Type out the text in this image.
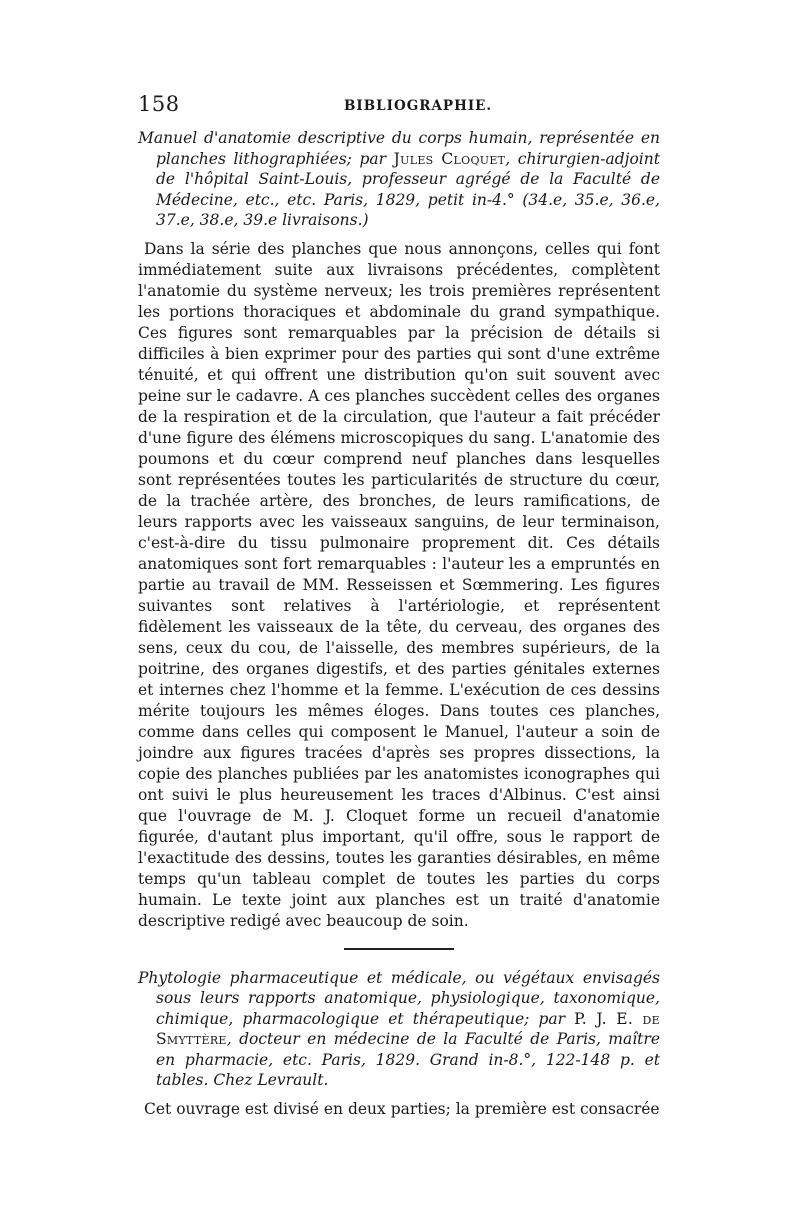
158	BIBLIOGRAPHIE.

Manuel d'anatomie descriptive du corps humain, représentée en planches lithographiées; par Jules Cloquet, chirurgien-adjoint de l'hôpital Saint-Louis, professeur agrégé de la Faculté de Médecine, etc., etc. Paris, 1829, petit in-4.° (34.e, 35.e, 36.e, 37.e, 38.e, 39.e livraisons.)

Dans la série des planches que nous annonçons, celles qui font immédiatement suite aux livraisons précédentes, complètent l'anatomie du système nerveux; les trois premières représentent les portions thoraciques et abdominale du grand sympathique. Ces figures sont remarquables par la précision de détails si difficiles à bien exprimer pour des parties qui sont d'une extrême ténuité, et qui offrent une distribution qu'on suit souvent avec peine sur le cadavre. A ces planches succèdent celles des organes de la respiration et de la circulation, que l'auteur a fait précéder d'une figure des élémens microscopiques du sang. L'anatomie des poumons et du cœur comprend neuf planches dans lesquelles sont représentées toutes les particularités de structure du cœur, de la trachée artère, des bronches, de leurs ramifications, de leurs rapports avec les vaisseaux sanguins, de leur terminaison, c'est-à-dire du tissu pulmonaire proprement dit. Ces détails anatomiques sont fort remarquables : l'auteur les a empruntés en partie au travail de MM. Resseissen et Sœmmering. Les figures suivantes sont relatives à l'artériologie, et représentent fidèlement les vaisseaux de la tête, du cerveau, des organes des sens, ceux du cou, de l'aisselle, des membres supérieurs, de la poitrine, des organes digestifs, et des parties génitales externes et internes chez l'homme et la femme. L'exécution de ces dessins mérite toujours les mêmes éloges. Dans toutes ces planches, comme dans celles qui composent le Manuel, l'auteur a soin de joindre aux figures tracées d'après ses propres dissections, la copie des planches publiées par les anatomistes iconographes qui ont suivi le plus heureusement les traces d'Albinus. C'est ainsi que l'ouvrage de M. J. Cloquet forme un recueil d'anatomie figurée, d'autant plus important, qu'il offre, sous le rapport de l'exactitude des dessins, toutes les garanties désirables, en même temps qu'un tableau complet de toutes les parties du corps humain. Le texte joint aux planches est un traité d'anatomie descriptive redigé avec beaucoup de soin.

Phytologie pharmaceutique et médicale, ou végétaux envisagés sous leurs rapports anatomique, physiologique, taxonomique, chimique, pharmacologique et thérapeutique; par P. J. E. de Smyttère, docteur en médecine de la Faculté de Paris, maître en pharmacie, etc. Paris, 1829. Grand in-8.°, 122-148 p. et tables. Chez Levrault.

Cet ouvrage est divisé en deux parties; la première est consacrée
